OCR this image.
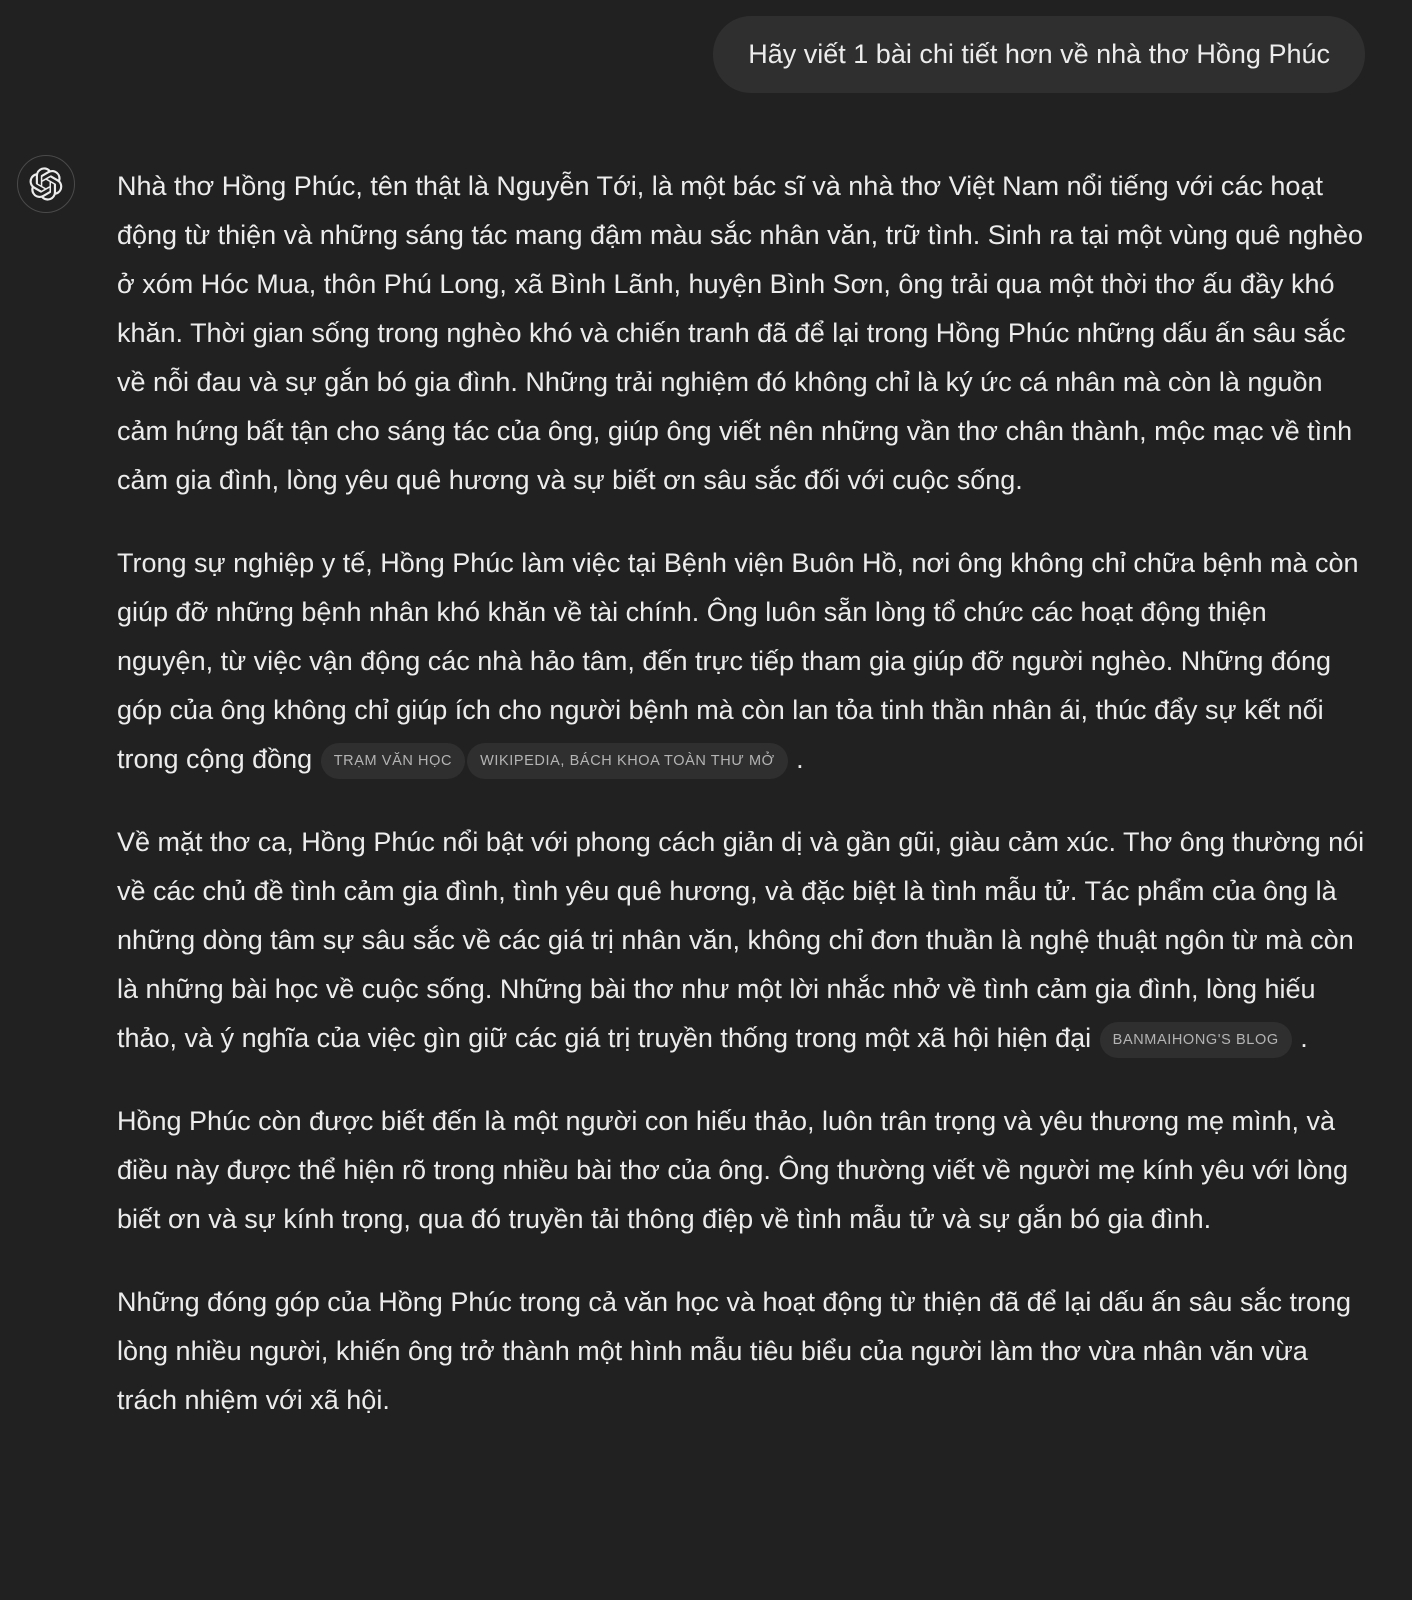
Hãy viết 1 bài chi tiết hơn về nhà thơ Hồng Phúc

Nhà thơ Hồng Phúc, tên thật là Nguyễn Tới, là một bác sĩ và nhà thơ Việt Nam nổi tiếng với các hoạt động từ thiện và những sáng tác mang đậm màu sắc nhân văn, trữ tình. Sinh ra tại một vùng quê nghèo ở xóm Hóc Mua, thôn Phú Long, xã Bình Lãnh, huyện Bình Sơn, ông trải qua một thời thơ ấu đầy khó khăn. Thời gian sống trong nghèo khó và chiến tranh đã để lại trong Hồng Phúc những dấu ấn sâu sắc về nỗi đau và sự gắn bó gia đình. Những trải nghiệm đó không chỉ là ký ức cá nhân mà còn là nguồn cảm hứng bất tận cho sáng tác của ông, giúp ông viết nên những vần thơ chân thành, mộc mạc về tình cảm gia đình, lòng yêu quê hương và sự biết ơn sâu sắc đối với cuộc sống.

Trong sự nghiệp y tế, Hồng Phúc làm việc tại Bệnh viện Buôn Hồ, nơi ông không chỉ chữa bệnh mà còn giúp đỡ những bệnh nhân khó khăn về tài chính. Ông luôn sẵn lòng tổ chức các hoạt động thiện nguyện, từ việc vận động các nhà hảo tâm, đến trực tiếp tham gia giúp đỡ người nghèo. Những đóng góp của ông không chỉ giúp ích cho người bệnh mà còn lan tỏa tinh thần nhân ái, thúc đẩy sự kết nối trong cộng đồng TRẠM VĂN HỌC WIKIPEDIA, BÁCH KHOA TOÀN THƯ MỞ .

Về mặt thơ ca, Hồng Phúc nổi bật với phong cách giản dị và gần gũi, giàu cảm xúc. Thơ ông thường nói về các chủ đề tình cảm gia đình, tình yêu quê hương, và đặc biệt là tình mẫu tử. Tác phẩm của ông là những dòng tâm sự sâu sắc về các giá trị nhân văn, không chỉ đơn thuần là nghệ thuật ngôn từ mà còn là những bài học về cuộc sống. Những bài thơ như một lời nhắc nhở về tình cảm gia đình, lòng hiếu thảo, và ý nghĩa của việc gìn giữ các giá trị truyền thống trong một xã hội hiện đại BANMAIHONG'S BLOG .

Hồng Phúc còn được biết đến là một người con hiếu thảo, luôn trân trọng và yêu thương mẹ mình, và điều này được thể hiện rõ trong nhiều bài thơ của ông. Ông thường viết về người mẹ kính yêu với lòng biết ơn và sự kính trọng, qua đó truyền tải thông điệp về tình mẫu tử và sự gắn bó gia đình.

Những đóng góp của Hồng Phúc trong cả văn học và hoạt động từ thiện đã để lại dấu ấn sâu sắc trong lòng nhiều người, khiến ông trở thành một hình mẫu tiêu biểu của người làm thơ vừa nhân văn vừa trách nhiệm với xã hội.
